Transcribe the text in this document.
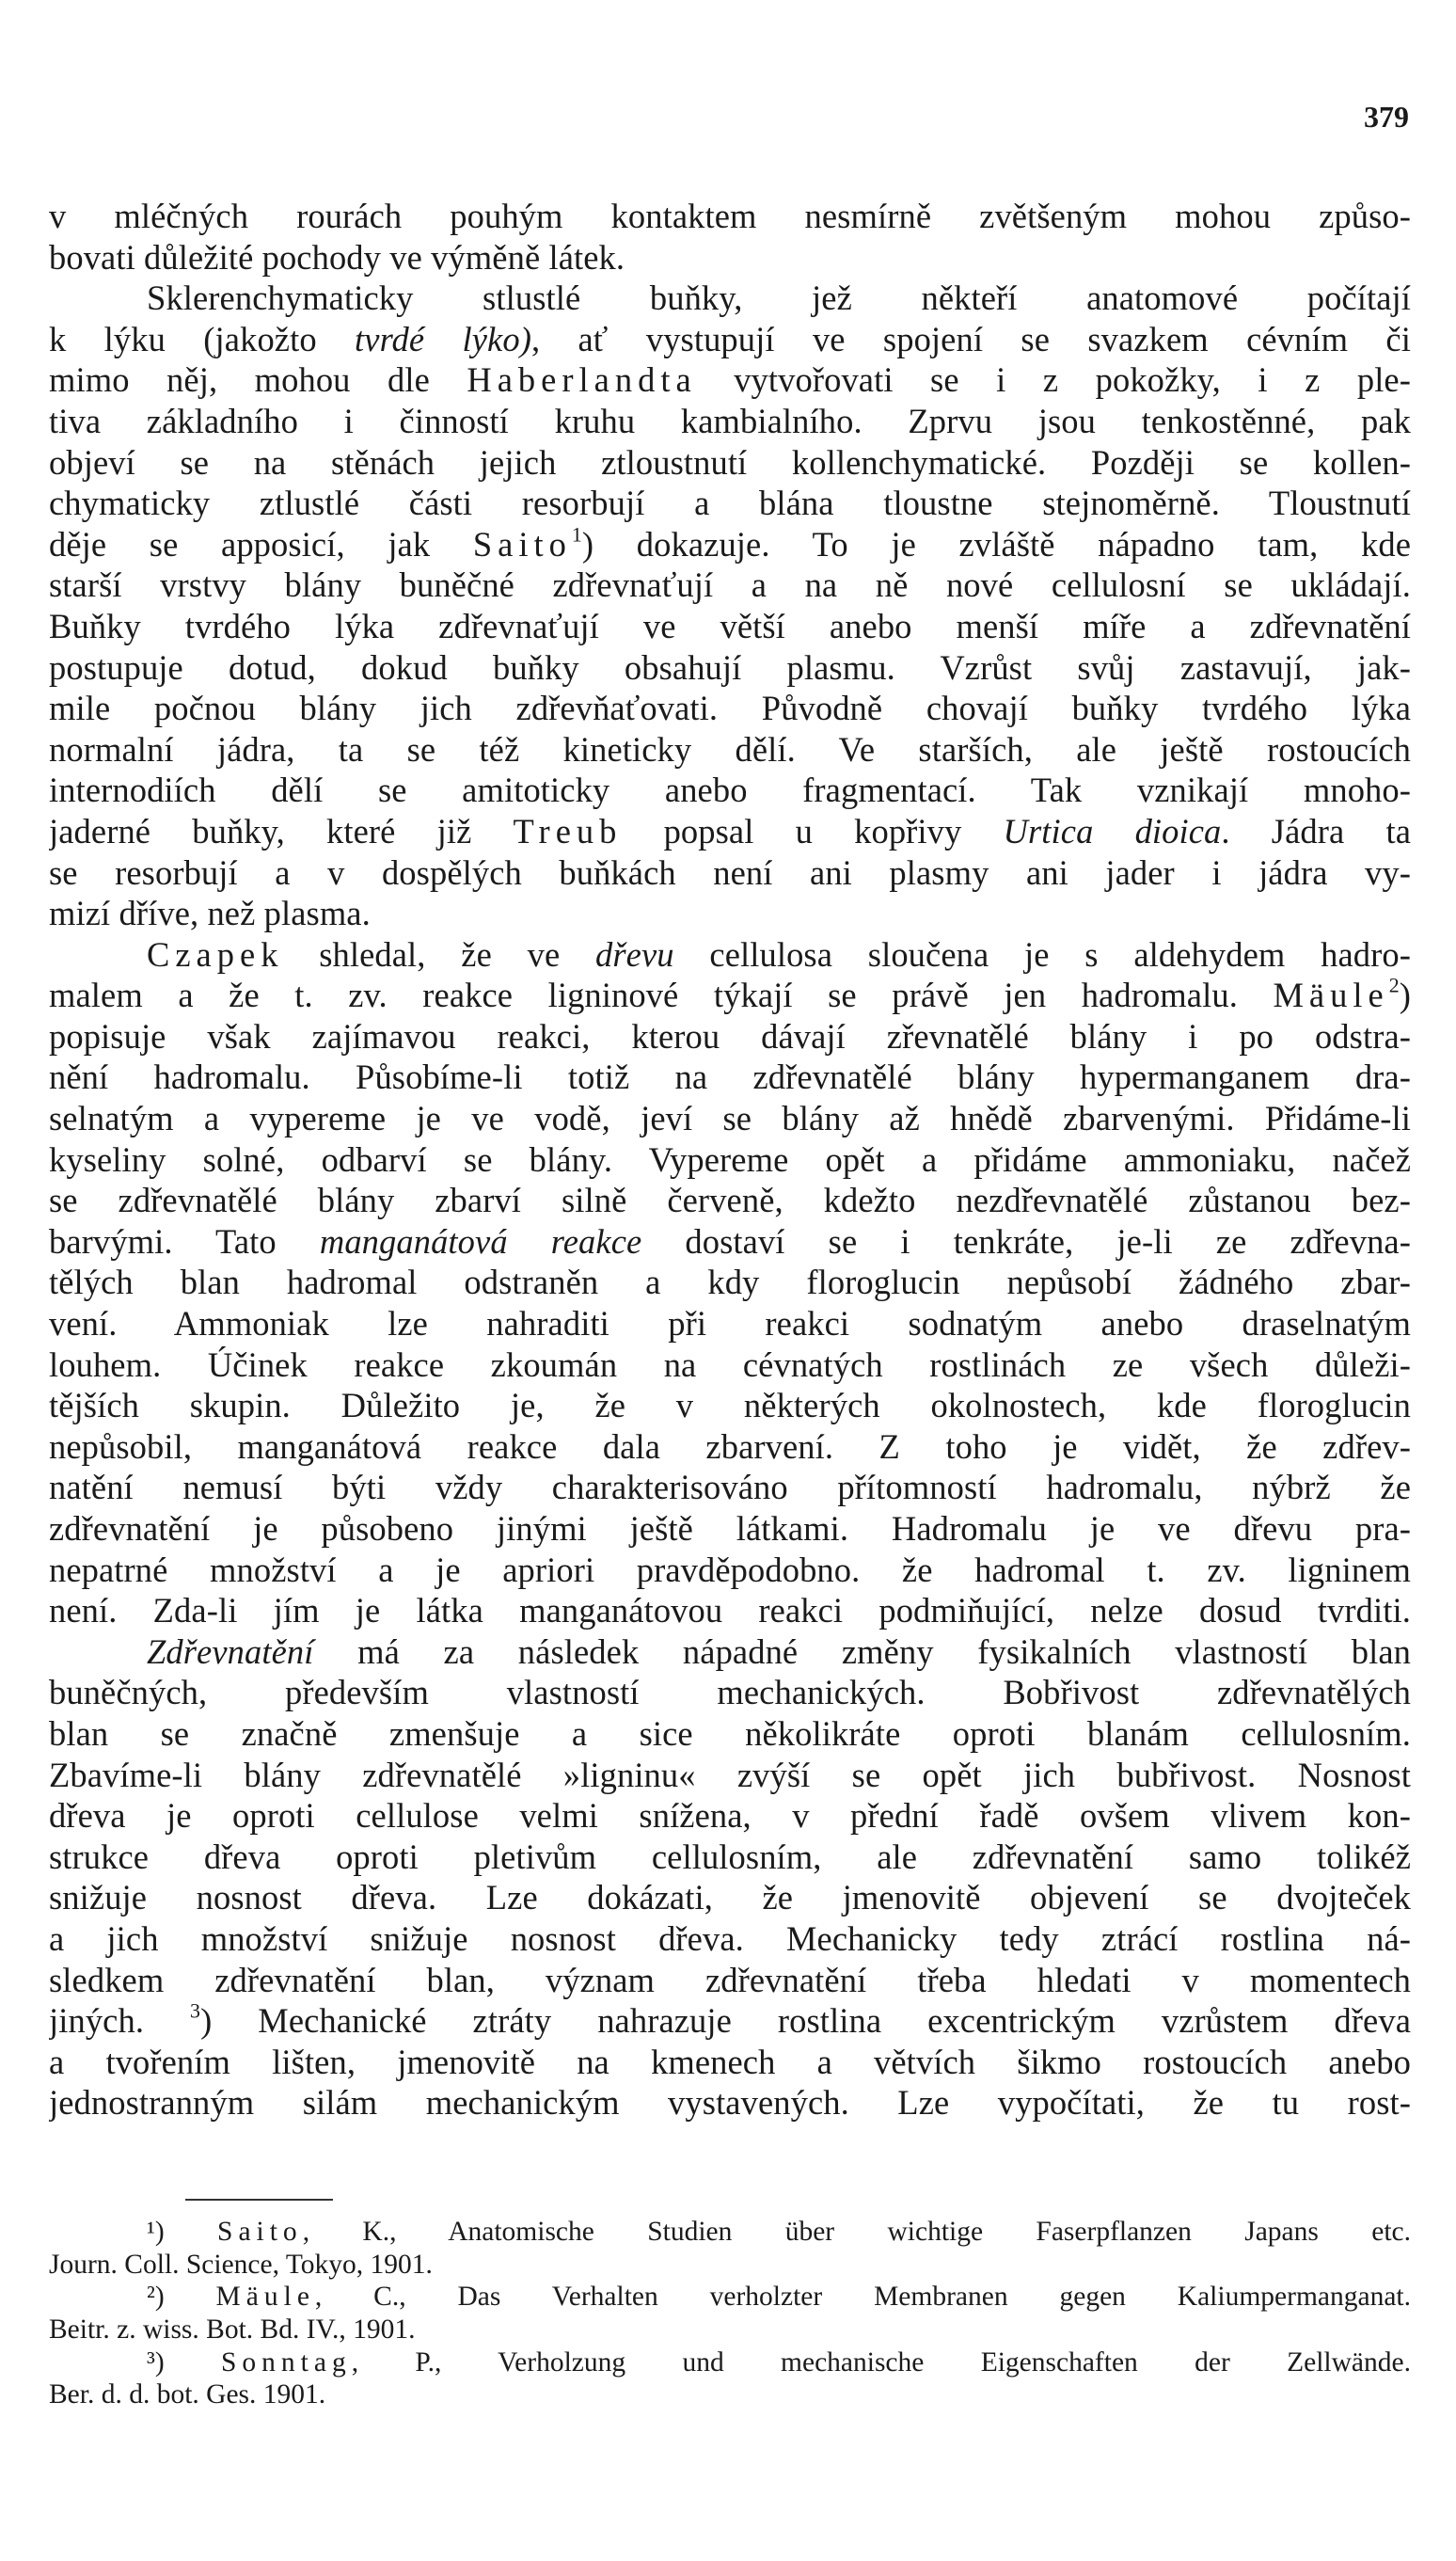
379
v mléčných rourách pouhým kontaktem nesmírně zvětšeným mohou způso-
bovati důležité pochody ve výměně látek.
Sklerenchymaticky stlustlé buňky, jež někteří anatomové počítají
k lýku (jakožto tvrdé lýko), ať vystupují ve spojení se svazkem cévním či
mimo něj, mohou dle Haberlandta vytvořovati se i z pokožky, i z ple-
tiva základního i činností kruhu kambialního. Zprvu jsou tenkostěnné, pak
objeví se na stěnách jejich ztloustnutí kollenchymatické. Později se kollen-
chymaticky ztlustlé části resorbují a blána tloustne stejnoměrně. Tloustnutí
děje se apposicí, jak Saito$^1$) dokazuje. To je zvláště nápadno tam, kde
starší vrstvy blány buněčné zdřevnaťují a na ně nové cellulosní se ukládají.
Buňky tvrdého lýka zdřevnaťují ve větší anebo menší míře a zdřevnatění
postupuje dotud, dokud buňky obsahují plasmu. Vzrůst svůj zastavují, jak-
mile počnou blány jich zdřevňaťovati. Původně chovají buňky tvrdého lýka
normalní jádra, ta se též kineticky dělí. Ve starších, ale ještě rostoucích
internodiích dělí se amitoticky anebo fragmentací. Tak vznikají mnoho-
jaderné buňky, které již Treub popsal u kopřivy Urtica dioica. Jádra ta
se resorbují a v dospělých buňkách není ani plasmy ani jader i jádra vy-
mizí dříve, než plasma.
Czapek shledal, že ve dřevu cellulosa sloučena je s aldehydem hadro-
malem a že t. zv. reakce ligninové týkají se právě jen hadromalu. Mäule$^2$)
popisuje však zajímavou reakci, kterou dávají zřevnatělé blány i po odstra-
nění hadromalu. Působíme-li totiž na zdřevnatělé blány hypermanganem dra-
selnatým a vypereme je ve vodě, jeví se blány až hnědě zbarvenými. Přidáme-li
kyseliny solné, odbarví se blány. Vypereme opět a přidáme ammoniaku, načež
se zdřevnatělé blány zbarví silně červeně, kdežto nezdřevnatělé zůstanou bez-
barvými. Tato manganátová reakce dostaví se i tenkráte, je-li ze zdřevna-
tělých blan hadromal odstraněn a kdy floroglucin nepůsobí žádného zbar-
vení. Ammoniak lze nahraditi při reakci sodnatým anebo draselnatým
louhem. Účinek reakce zkoumán na cévnatých rostlinách ze všech důleži-
tějších skupin. Důležito je, že v některých okolnostech, kde floroglucin
nepůsobil, manganátová reakce dala zbarvení. Z toho je vidět, že zdřev-
natění nemusí býti vždy charakterisováno přítomností hadromalu, nýbrž že
zdřevnatění je působeno jinými ještě látkami. Hadromalu je ve dřevu pra-
nepatrné množství a je apriori pravděpodobno. že hadromal t. zv. ligninem
není. Zda-li jím je látka manganátovou reakci podmiňující, nelze dosud tvrditi.
Zdřevnatění má za následek nápadné změny fysikalních vlastností blan
buněčných, především vlastností mechanických. Bobřivost zdřevnatělých
blan se značně zmenšuje a sice několikráte oproti blanám cellulosním.
Zbavíme-li blány zdřevnatělé »ligninu« zvýší se opět jich bubřivost. Nosnost
dřeva je oproti cellulose velmi snížena, v přední řadě ovšem vlivem kon-
strukce dřeva oproti pletivům cellulosním, ale zdřevnatění samo tolikéž
snižuje nosnost dřeva. Lze dokázati, že jmenovitě objevení se dvojteček
a jich množství snižuje nosnost dřeva. Mechanicky tedy ztrácí rostlina ná-
sledkem zdřevnatění blan, význam zdřevnatění třeba hledati v momentech
jiných. $^3$) Mechanické ztráty nahrazuje rostlina excentrickým vzrůstem dřeva
a tvořením lišten, jmenovitě na kmenech a větvích šikmo rostoucích anebo
jednostranným silám mechanickým vystavených. Lze vypočítati, že tu rost-
¹) Saito, K., Anatomische Studien über wichtige Faserpflanzen Japans etc.
Journ. Coll. Science, Tokyo, 1901.
²) Mäule, C., Das Verhalten verholzter Membranen gegen Kaliumpermanganat.
Beitr. z. wiss. Bot. Bd. IV., 1901.
³) Sonntag, P., Verholzung und mechanische Eigenschaften der Zellwände.
Ber. d. d. bot. Ges. 1901.
